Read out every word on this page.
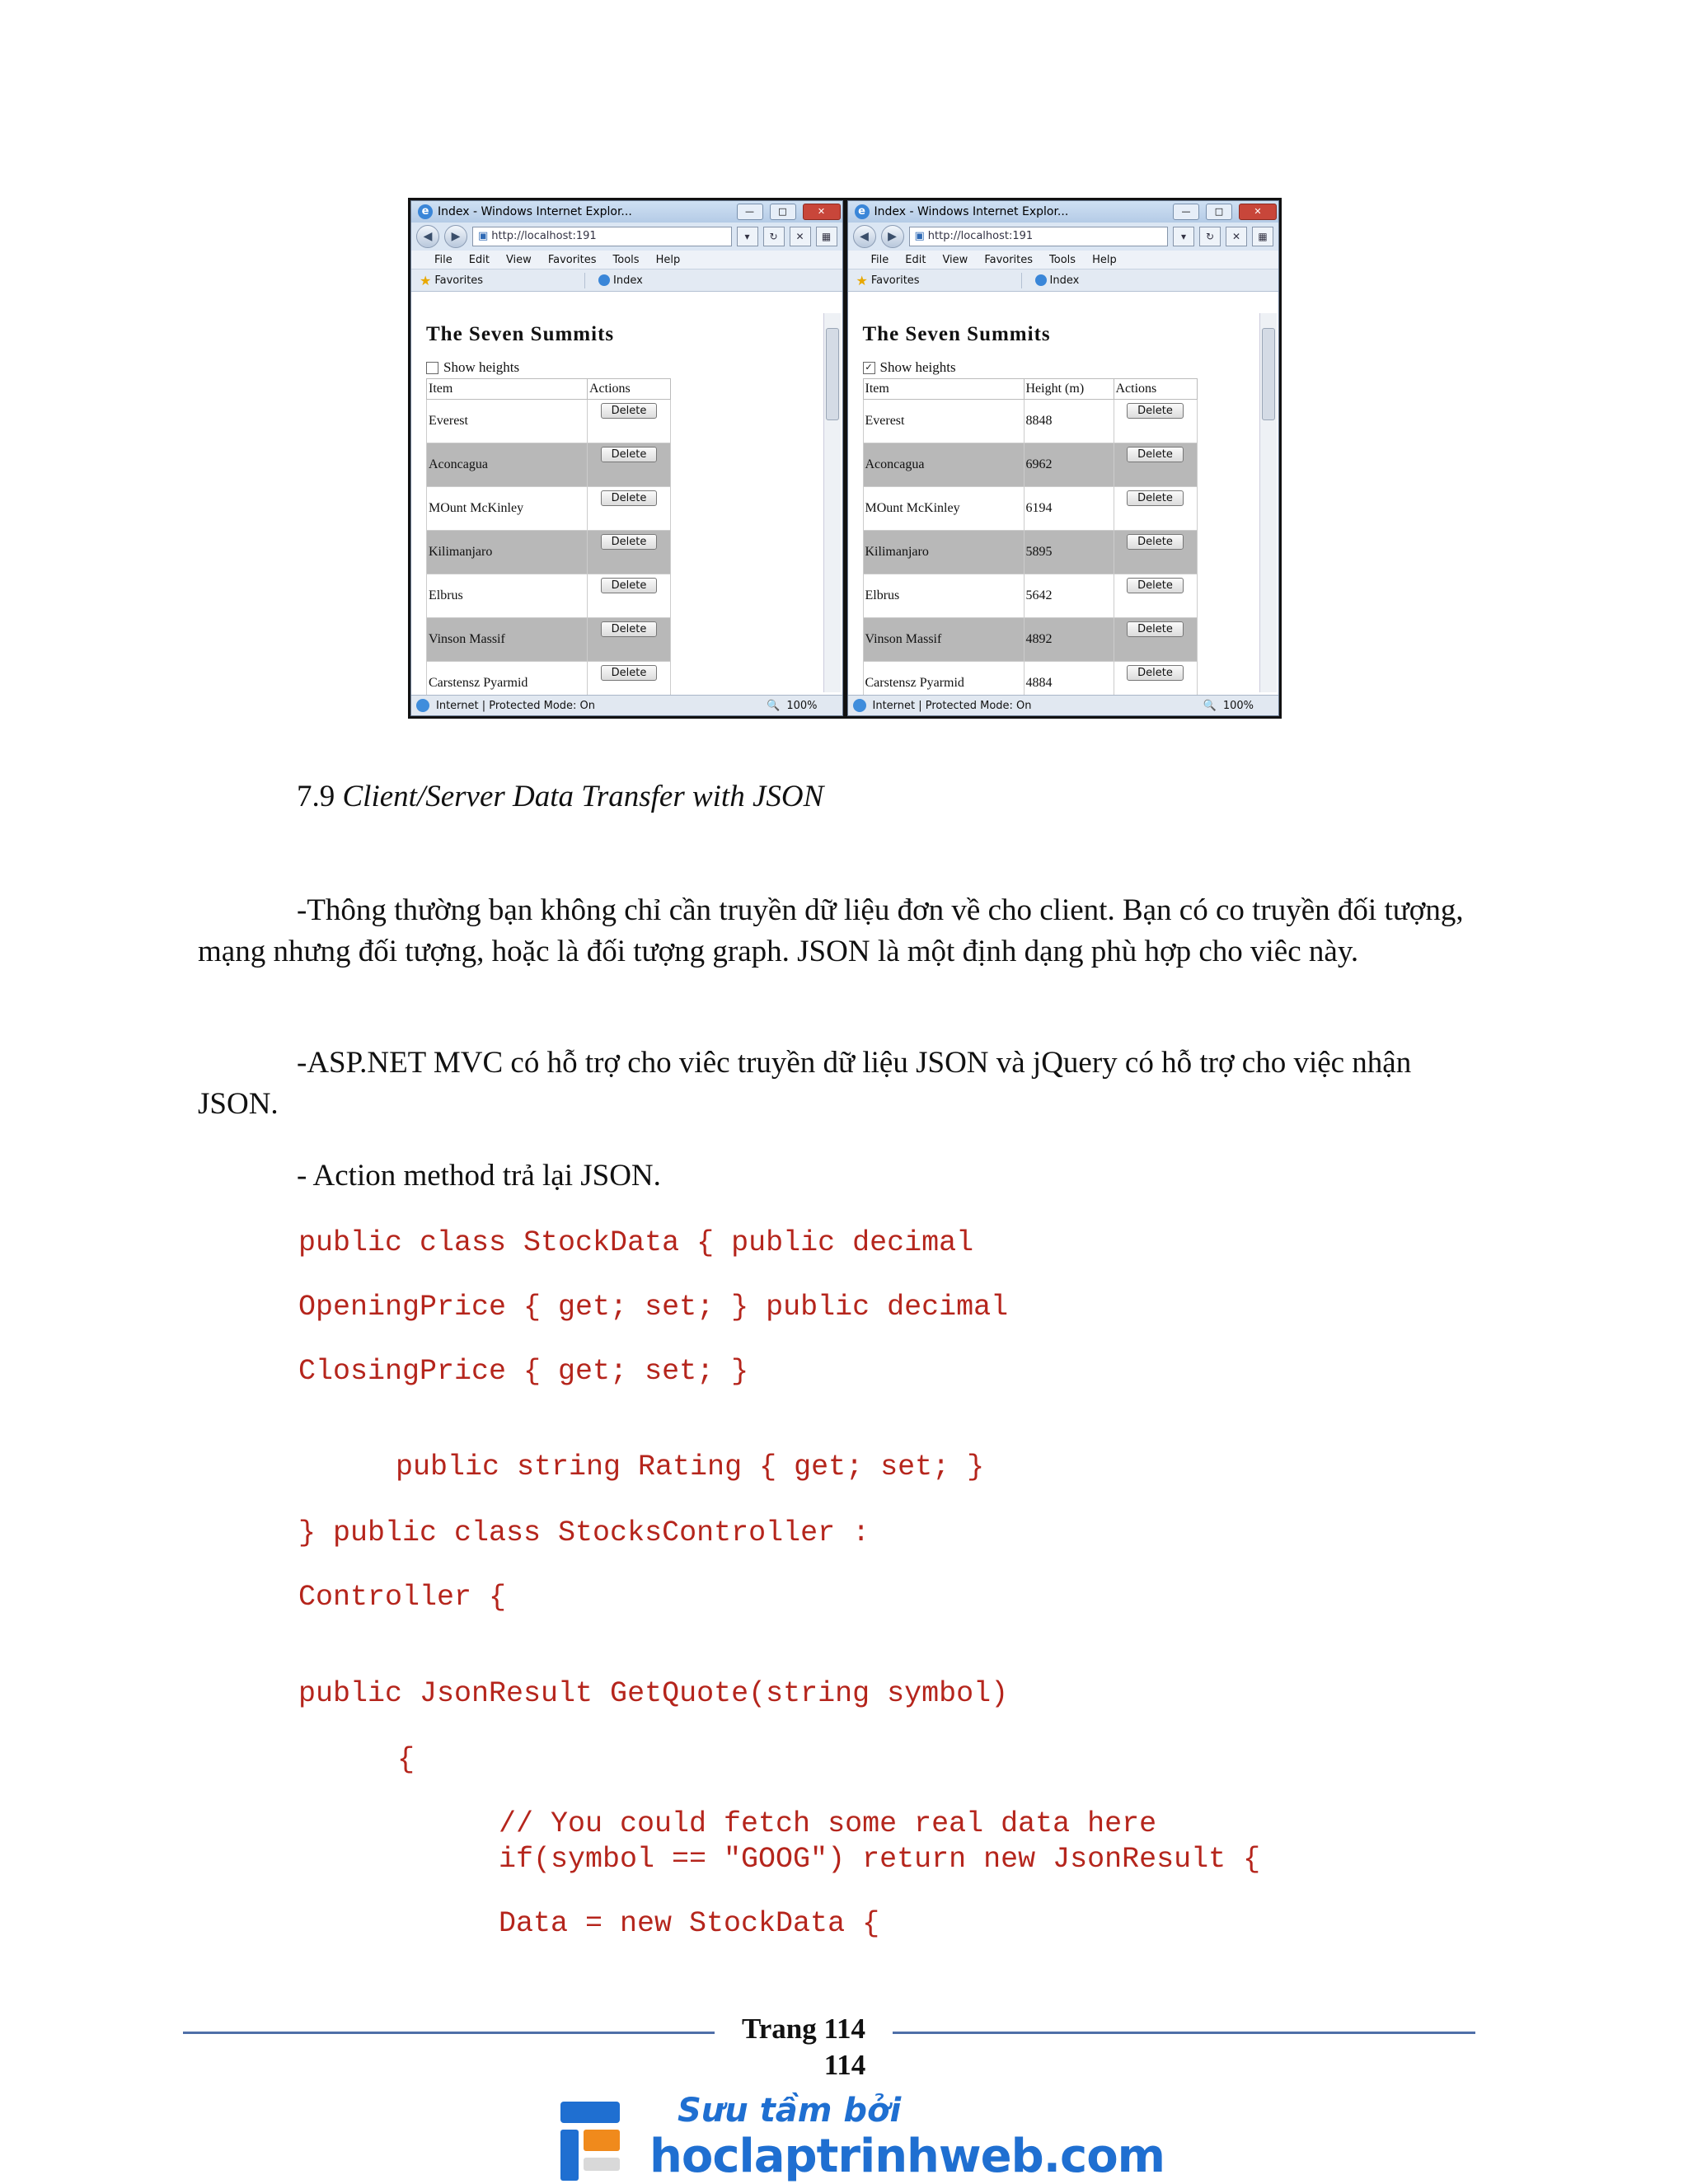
e Index - Windows Internet Explor...	—	□	✕
◀	▶	▣ http://localhost:191	▾	↻	✕	▦
File Edit View Favorites Tools Help
★ Favorites	Index
The Seven Summits
Show heights
Item	Actions
Everest	Delete
Aconcagua	Delete
MOunt McKinley	Delete
Kilimanjaro	Delete
Elbrus	Delete
Vinson Massif	Delete
Carstensz Pyarmid	Delete
Internet | Protected Mode: On	🔍 100%
e Index - Windows Internet Explor...	—	□	✕
◀	▶	▣ http://localhost:191	▾	↻	✕	▦
File Edit View Favorites Tools Help
★ Favorites	Index
The Seven Summits
✓ Show heights
Item	Height (m)	Actions
Everest	8848	Delete
Aconcagua	6962	Delete
MOunt McKinley	6194	Delete
Kilimanjaro	5895	Delete
Elbrus	5642	Delete
Vinson Massif	4892	Delete
Carstensz Pyarmid	4884	Delete
Internet | Protected Mode: On	🔍 100%
7.9 Client/Server Data Transfer with JSON

-Thông thường bạn không chỉ cần truyền dữ liệu đơn về cho client. Bạn có co truyền đối tượng, mạng nhưng đối tượng, hoặc là đối tượng graph. JSON là một định dạng phù hợp cho viêc này.

-ASP.NET MVC có hỗ trợ cho viêc truyền dữ liệu JSON và jQuery có hỗ trợ cho việc nhận JSON.

- Action method trả lại JSON.

public class StockData { public decimal
OpeningPrice { get; set; } public decimal
ClosingPrice { get; set; }
public string Rating { get; set; }
} public class StocksController :
Controller {
public JsonResult GetQuote(string symbol)
{
// You could fetch some real data here
if(symbol == "GOOG") return new JsonResult {
Data = new StockData {
Trang 114
114
Sưu tầm bởi
hoclaptrinhweb.com
